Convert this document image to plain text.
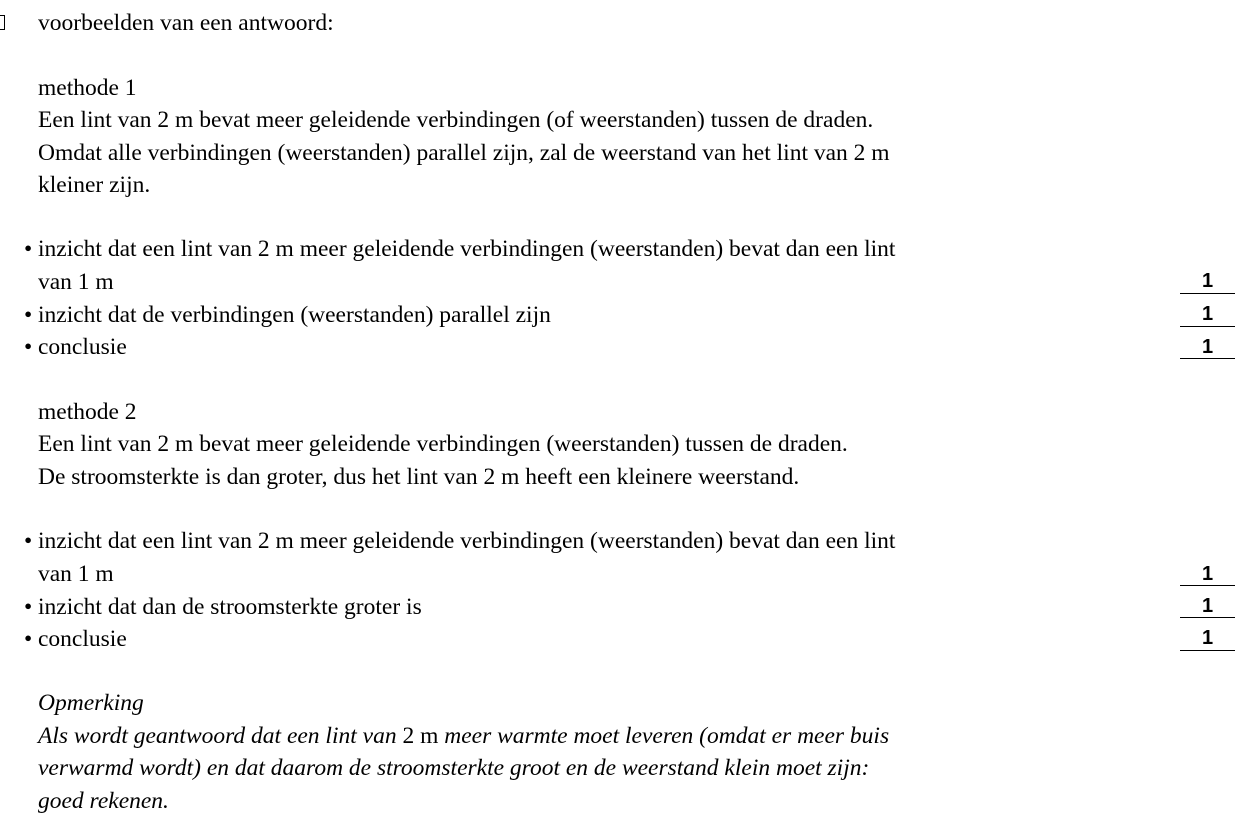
voorbeelden van een antwoord:
methode 1
Een lint van 2 m bevat meer geleidende verbindingen (of weerstanden) tussen de draden.
Omdat alle verbindingen (weerstanden) parallel zijn, zal de weerstand van het lint van 2 m
kleiner zijn.
• inzicht dat een lint van 2 m meer geleidende verbindingen (weerstanden) bevat dan een lint
van 1 m	1
• inzicht dat de verbindingen (weerstanden) parallel zijn	1
• conclusie	1
methode 2
Een lint van 2 m bevat meer geleidende verbindingen (weerstanden) tussen de draden.
De stroomsterkte is dan groter, dus het lint van 2 m heeft een kleinere weerstand.
• inzicht dat een lint van 2 m meer geleidende verbindingen (weerstanden) bevat dan een lint
van 1 m	1
• inzicht dat dan de stroomsterkte groter is	1
• conclusie	1
Opmerking
Als wordt geantwoord dat een lint van 2 m meer warmte moet leveren (omdat er meer buis
verwarmd wordt) en dat daarom de stroomsterkte groot en de weerstand klein moet zijn:
goed rekenen.
